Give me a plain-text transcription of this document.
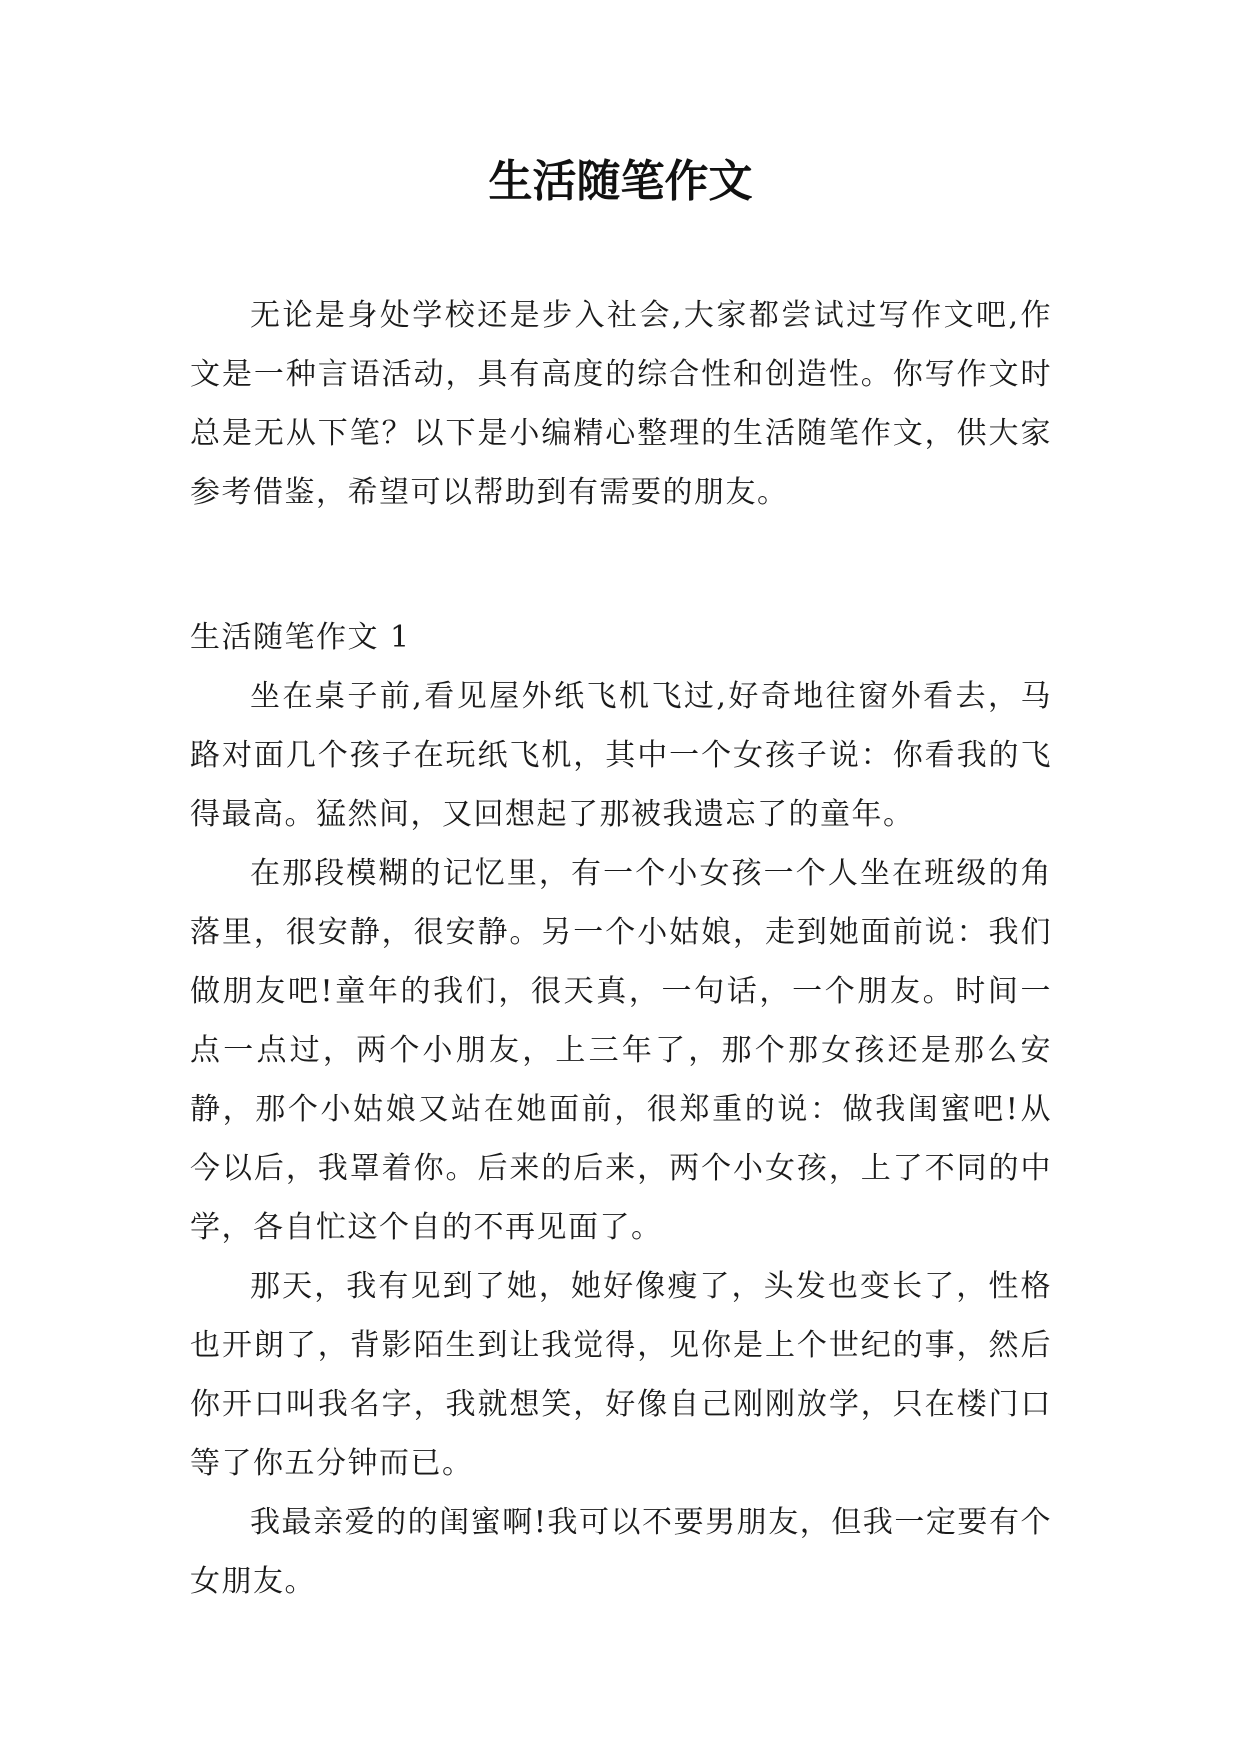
生活随笔作文

无论是身处学校还是步入社会,大家都尝试过写作文吧,作文是一种言语活动，具有高度的综合性和创造性。你写作文时总是无从下笔？以下是小编精心整理的生活随笔作文，供大家参考借鉴，希望可以帮助到有需要的朋友。

生活随笔作文 1

坐在桌子前,看见屋外纸飞机飞过,好奇地往窗外看去，马路对面几个孩子在玩纸飞机，其中一个女孩子说：你看我的飞得最高。猛然间，又回想起了那被我遗忘了的童年。

在那段模糊的记忆里，有一个小女孩一个人坐在班级的角落里，很安静，很安静。另一个小姑娘，走到她面前说：我们做朋友吧!童年的我们，很天真，一句话，一个朋友。时间一点一点过，两个小朋友，上三年了，那个那女孩还是那么安静，那个小姑娘又站在她面前，很郑重的说：做我闺蜜吧!从今以后，我罩着你。后来的后来，两个小女孩，上了不同的中学，各自忙这个自的不再见面了。

那天，我有见到了她，她好像瘦了，头发也变长了，性格也开朗了，背影陌生到让我觉得，见你是上个世纪的事，然后你开口叫我名字，我就想笑，好像自己刚刚放学，只在楼门口等了你五分钟而已。

我最亲爱的的闺蜜啊!我可以不要男朋友，但我一定要有个女朋友。
